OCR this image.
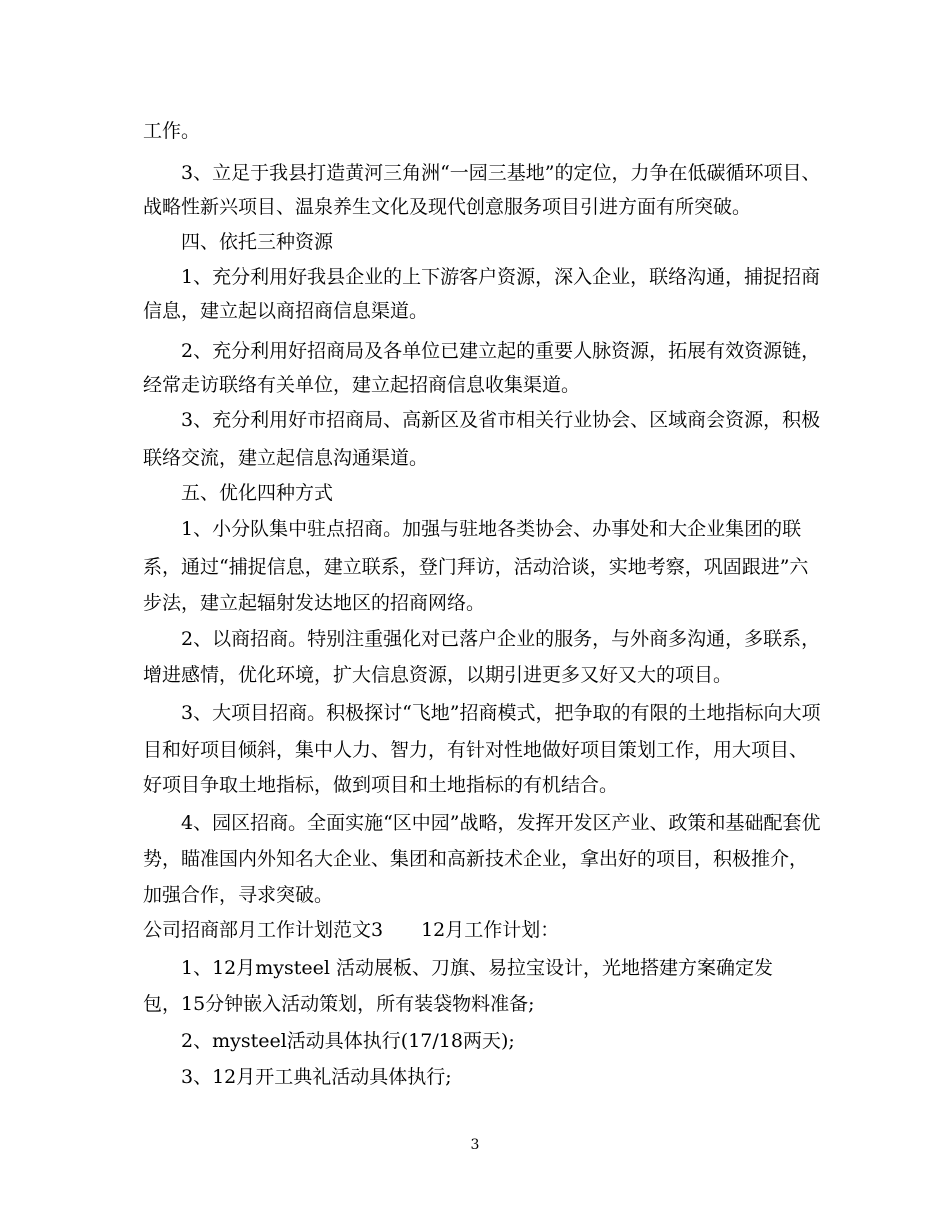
工作。
3、立足于我县打造黄河三角洲“一园三基地”的定位，力争在低碳循环项目、
战略性新兴项目、温泉养生文化及现代创意服务项目引进方面有所突破。
四、依托三种资源
1、充分利用好我县企业的上下游客户资源，深入企业，联络沟通，捕捉招商
信息，建立起以商招商信息渠道。
2、充分利用好招商局及各单位已建立起的重要人脉资源，拓展有效资源链，
经常走访联络有关单位，建立起招商信息收集渠道。
3、充分利用好市招商局、高新区及省市相关行业协会、区域商会资源，积极
联络交流，建立起信息沟通渠道。
五、优化四种方式
1、小分队集中驻点招商。加强与驻地各类协会、办事处和大企业集团的联
系，通过“捕捉信息，建立联系，登门拜访，活动洽谈，实地考察，巩固跟进”六
步法，建立起辐射发达地区的招商网络。
2、以商招商。特别注重强化对已落户企业的服务，与外商多沟通，多联系，
增进感情，优化环境，扩大信息资源，以期引进更多又好又大的项目。
3、大项目招商。积极探讨“飞地”招商模式，把争取的有限的土地指标向大项
目和好项目倾斜，集中人力、智力，有针对性地做好项目策划工作，用大项目、
好项目争取土地指标，做到项目和土地指标的有机结合。
4、园区招商。全面实施“区中园”战略，发挥开发区产业、政策和基础配套优
势，瞄准国内外知名大企业、集团和高新技术企业，拿出好的项目，积极推介，
加强合作，寻求突破。
公司招商部月工作计划范文3　　12月工作计划：
1、12月mysteel 活动展板、刀旗、易拉宝设计，光地搭建方案确定发
包，15分钟嵌入活动策划，所有装袋物料准备;
2、mysteel活动具体执行(17/18两天);
3、12月开工典礼活动具体执行;
3
